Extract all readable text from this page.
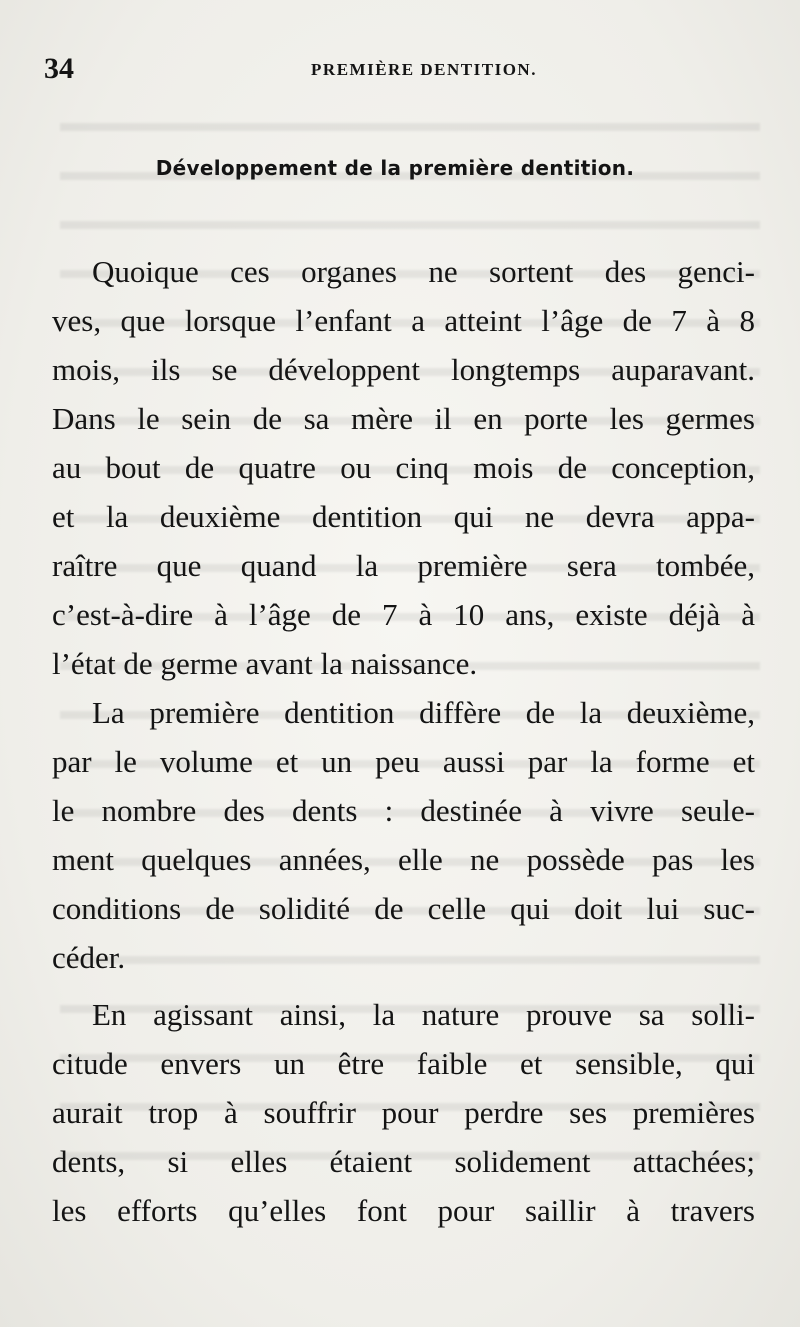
34	PREMIÈRE DENTITION.
Développement de la première dentition.
Quoique ces organes ne sortent des genci-
ves, que lorsque l’enfant a atteint l’âge de 7 à 8
mois, ils se développent longtemps auparavant.
Dans le sein de sa mère il en porte les germes
au bout de quatre ou cinq mois de conception,
et la deuxième dentition qui ne devra appa-
raître que quand la première sera tombée,
c’est-à-dire à l’âge de 7 à 10 ans, existe déjà à
l’état de germe avant la naissance.
La première dentition diffère de la deuxième,
par le volume et un peu aussi par la forme et
le nombre des dents : destinée à vivre seule-
ment quelques années, elle ne possède pas les
conditions de solidité de celle qui doit lui suc-
céder.
En agissant ainsi, la nature prouve sa solli-
citude envers un être faible et sensible, qui
aurait trop à souffrir pour perdre ses premières
dents, si elles étaient solidement attachées;
les efforts qu’elles font pour saillir à travers
